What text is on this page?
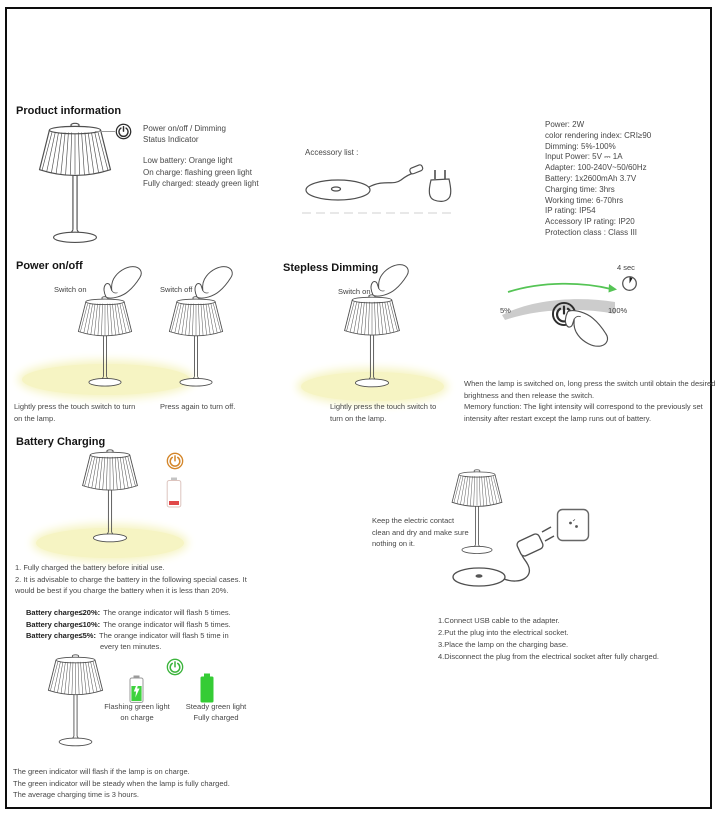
Product information
Power on/off / Dimming
Status Indicator
Low battery: Orange light
On charge: flashing green light
Fully charged: steady green light
Accessory list :
Power: 2W
color rendering index: CRI≥90
Dimming: 5%-100%
Input Power: 5V ⎓ 1A
Adapter: 100-240V~50/60Hz
Battery: 1x2600mAh 3.7V
Charging time: 3hrs
Working time: 6-70hrs
IP rating: IP54
Accessory IP rating: IP20
Protection class : Class III
Power on/off
Switch on	Switch off
Lightly press the touch switch to turn on the lamp.
Press again to turn off.
Stepless Dimming
Switch on
Lightly press the touch switch to turn on the lamp.
5%	100%
4 sec

When the lamp is switched on, long press the switch until obtain the desired brightness and then release the switch.

Memory function: The light intensity will correspond to the previously set intensity after restart except the lamp runs out of battery.

Battery Charging
1. Fully charged the battery before initial use.
2. It is advisable to charge the battery in the following special cases. It would be best if you charge the battery when it is less than 20%.
Battery charge≤20%: The orange indicator will flash 5 times.
Battery charge≤10%: The orange indicator will flash 5 times.
Battery charge≤5%: The orange indicator will flash 5 time in
every ten minutes.
Keep the electric contact clean and dry and make sure nothing on it.
1.Connect USB cable to the adapter.
2.Put the plug into the electrical socket.
3.Place the lamp on the charging base.
4.Disconnect the plug from the electrical socket after fully charged.
Flashing green light
on charge
Steady green light
Fully charged
The green indicator will flash if the lamp is on charge.
The green indicator will be steady when the lamp is fully charged.
The average charging time is 3 hours.
